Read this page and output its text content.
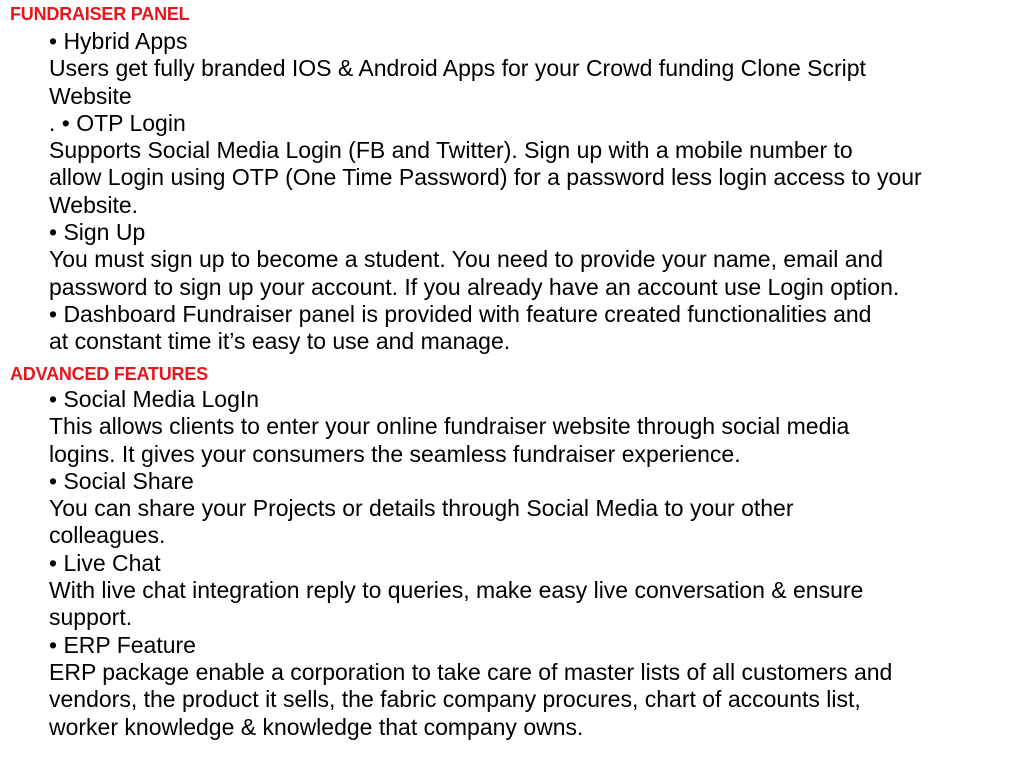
FUNDRAISER PANEL
• Hybrid Apps
Users get fully branded IOS & Android Apps for your Crowd funding Clone Script
Website
. • OTP Login
Supports Social Media Login (FB and Twitter). Sign up with a mobile number to
allow Login using OTP (One Time Password) for a password less login access to your
Website.
• Sign Up
You must sign up to become a student. You need to provide your name, email and
password to sign up your account. If you already have an account use Login option.
• Dashboard Fundraiser panel is provided with feature created functionalities and
at constant time it’s easy to use and manage.
ADVANCED FEATURES
• Social Media LogIn
This allows clients to enter your online fundraiser website through social media
logins. It gives your consumers the seamless fundraiser experience.
• Social Share
You can share your Projects or details through Social Media to your other
colleagues.
• Live Chat
With live chat integration reply to queries, make easy live conversation & ensure
support.
• ERP Feature
ERP package enable a corporation to take care of master lists of all customers and
vendors, the product it sells, the fabric company procures, chart of accounts list,
worker knowledge & knowledge that company owns.
